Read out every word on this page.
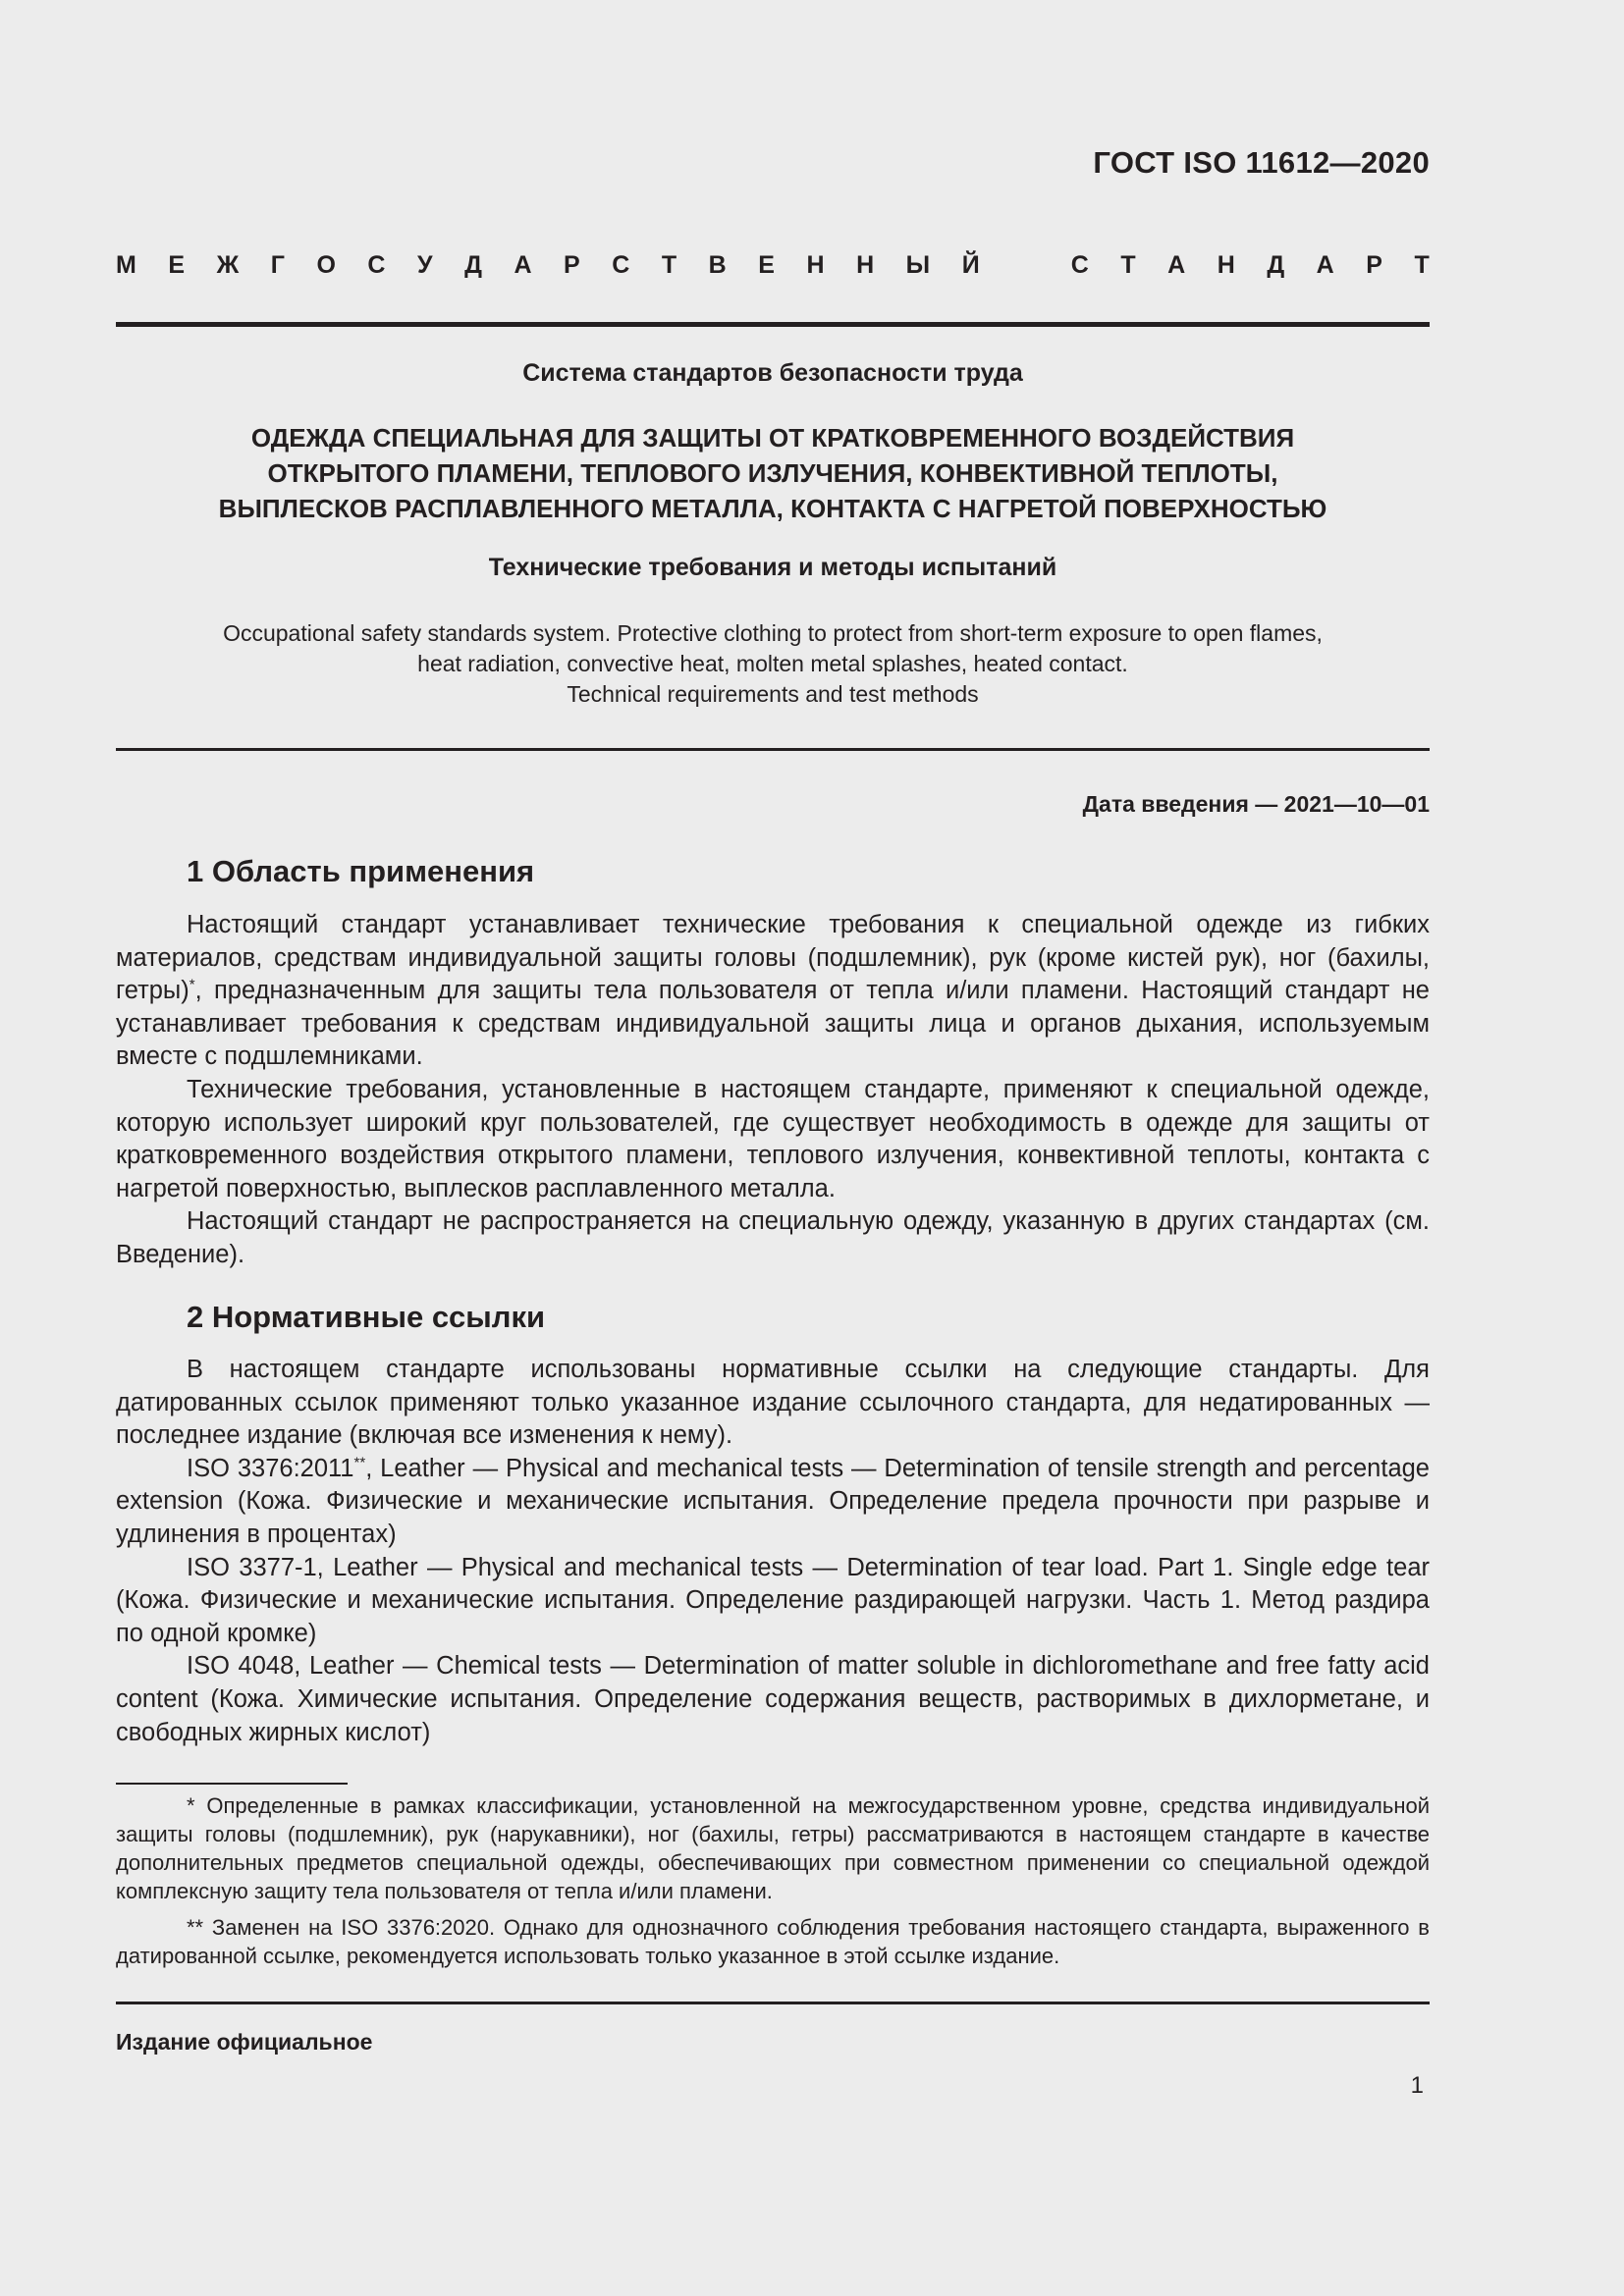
ГОСТ ISO 11612—2020
М Е Ж Г О С У Д А Р С Т В Е Н Н Ы Й	С Т А Н Д А Р Т
Система стандартов безопасности труда
ОДЕЖДА СПЕЦИАЛЬНАЯ ДЛЯ ЗАЩИТЫ ОТ КРАТКОВРЕМЕННОГО ВОЗДЕЙСТВИЯ
ОТКРЫТОГО ПЛАМЕНИ, ТЕПЛОВОГО ИЗЛУЧЕНИЯ, КОНВЕКТИВНОЙ ТЕПЛОТЫ,
ВЫПЛЕСКОВ РАСПЛАВЛЕННОГО МЕТАЛЛА, КОНТАКТА С НАГРЕТОЙ ПОВЕРХНОСТЬЮ
Технические требования и методы испытаний
Occupational safety standards system. Protective clothing to protect from short-term exposure to open flames,
heat radiation, convective heat, molten metal splashes, heated contact.
Technical requirements and test methods
Дата введения — 2021—10—01
1 Область применения

Настоящий стандарт устанавливает технические требования к специальной одежде из гибких материалов, средствам индивидуальной защиты головы (подшлемник), рук (кроме кистей рук), ног (бахилы, гетры)*, предназначенным для защиты тела пользователя от тепла и/или пламени. Настоящий стандарт не устанавливает требования к средствам индивидуальной защиты лица и органов дыхания, используемым вместе с подшлемниками.

Технические требования, установленные в настоящем стандарте, применяют к специальной одежде, которую использует широкий круг пользователей, где существует необходимость в одежде для защиты от кратковременного воздействия открытого пламени, теплового излучения, конвективной теплоты, контакта с нагретой поверхностью, выплесков расплавленного металла.

Настоящий стандарт не распространяется на специальную одежду, указанную в других стандартах (см. Введение).

2 Нормативные ссылки

В настоящем стандарте использованы нормативные ссылки на следующие стандарты. Для датированных ссылок применяют только указанное издание ссылочного стандарта, для недатированных — последнее издание (включая все изменения к нему).

ISO 3376:2011**, Leather — Physical and mechanical tests — Determination of tensile strength and percentage extension (Кожа. Физические и механические испытания. Определение предела прочности при разрыве и удлинения в процентах)

ISO 3377-1, Leather — Physical and mechanical tests — Determination of tear load. Part 1. Single edge tear (Кожа. Физические и механические испытания. Определение раздирающей нагрузки. Часть 1. Метод раздира по одной кромке)

ISO 4048, Leather — Chemical tests — Determination of matter soluble in dichloromethane and free fatty acid content (Кожа. Химические испытания. Определение содержания веществ, растворимых в дихлорметане, и свободных жирных кислот)

* Определенные в рамках классификации, установленной на межгосударственном уровне, средства индивидуальной защиты головы (подшлемник), рук (нарукавники), ног (бахилы, гетры) рассматриваются в настоящем стандарте в качестве дополнительных предметов специальной одежды, обеспечивающих при совместном применении со специальной одеждой комплексную защиту тела пользователя от тепла и/или пламени.

** Заменен на ISO 3376:2020. Однако для однозначного соблюдения требования настоящего стандарта, выраженного в датированной ссылке, рекомендуется использовать только указанное в этой ссылке издание.

Издание официальное
1
